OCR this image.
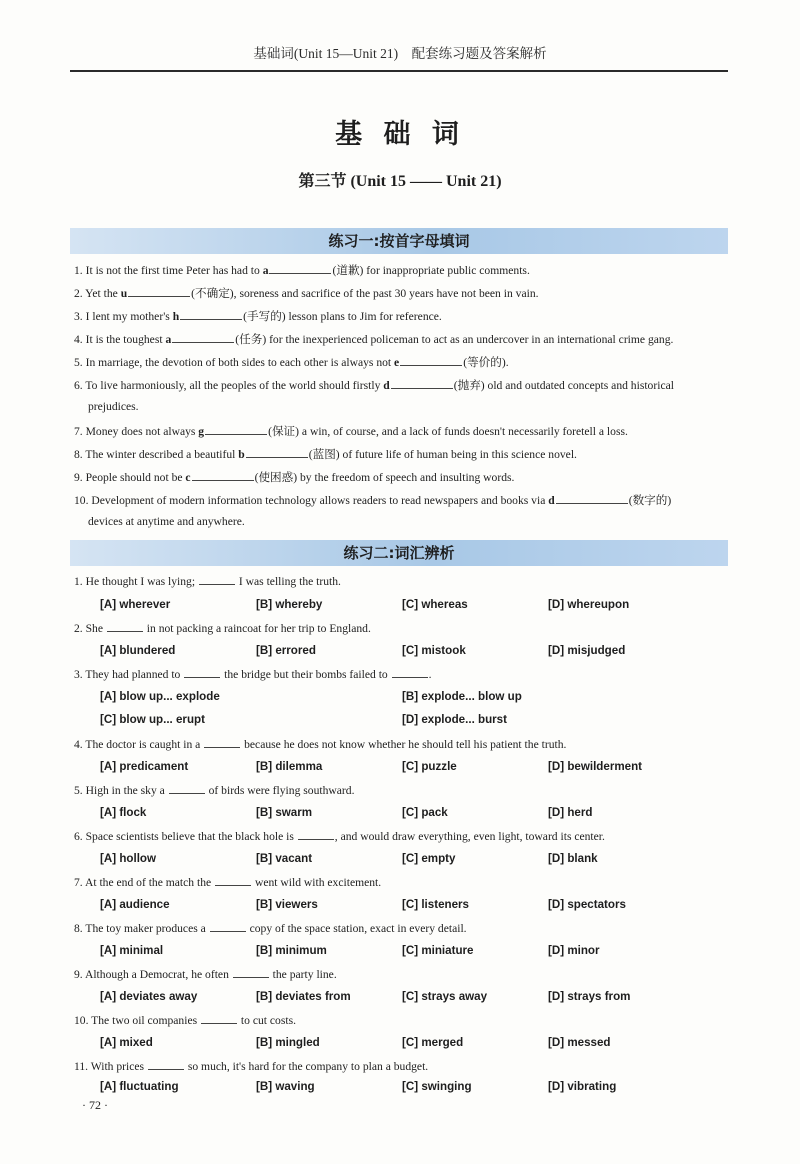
基础词(Unit 15—Unit 21)　配套练习题及答案解析
基 础 词
第三节 (Unit 15 —— Unit 21)
练习一:按首字母填词
1. It is not the first time Peter has had to a	(道歉) for inappropriate public comments.
2. Yet the u	(不确定), soreness and sacrifice of the past 30 years have not been in vain.
3. I lent my mother's h	(手写的) lesson plans to Jim for reference.
4. It is the toughest a	(任务) for the inexperienced policeman to act as an undercover in an international crime gang.
5. In marriage, the devotion of both sides to each other is always not e	(等价的).
6. To live harmoniously, all the peoples of the world should firstly d	(抛弃) old and outdated concepts and historical
prejudices.
7. Money does not always g	(保证) a win, of course, and a lack of funds doesn't necessarily foretell a loss.
8. The winter described a beautiful b	(蓝图) of future life of human being in this science novel.
9. People should not be c	(使困惑) by the freedom of speech and insulting words.
10. Development of modern information technology allows readers to read newspapers and books via d	(数字的)
devices at anytime and anywhere.
练习二:词汇辨析
1. He thought I was lying;	I was telling the truth.
[A] wherever	[B] whereby	[C] whereas	[D] whereupon
2. She	in not packing a raincoat for her trip to England.
[A] blundered	[B] errored	[C] mistook	[D] misjudged
3. They had planned to	the bridge but their bombs failed to	.
[A] blow up... explode	[B] explode... blow up
[C] blow up... erupt	[D] explode... burst
4. The doctor is caught in a	because he does not know whether he should tell his patient the truth.
[A] predicament	[B] dilemma	[C] puzzle	[D] bewilderment
5. High in the sky a	of birds were flying southward.
[A] flock	[B] swarm	[C] pack	[D] herd
6. Space scientists believe that the black hole is	, and would draw everything, even light, toward its center.
[A] hollow	[B] vacant	[C] empty	[D] blank
7. At the end of the match the	went wild with excitement.
[A] audience	[B] viewers	[C] listeners	[D] spectators
8. The toy maker produces a	copy of the space station, exact in every detail.
[A] minimal	[B] minimum	[C] miniature	[D] minor
9. Although a Democrat, he often	the party line.
[A] deviates away	[B] deviates from	[C] strays away	[D] strays from
10. The two oil companies	to cut costs.
[A] mixed	[B] mingled	[C] merged	[D] messed
11. With prices	so much, it's hard for the company to plan a budget.
[A] fluctuating	[B] waving	[C] swinging	[D] vibrating
· 72 ·
